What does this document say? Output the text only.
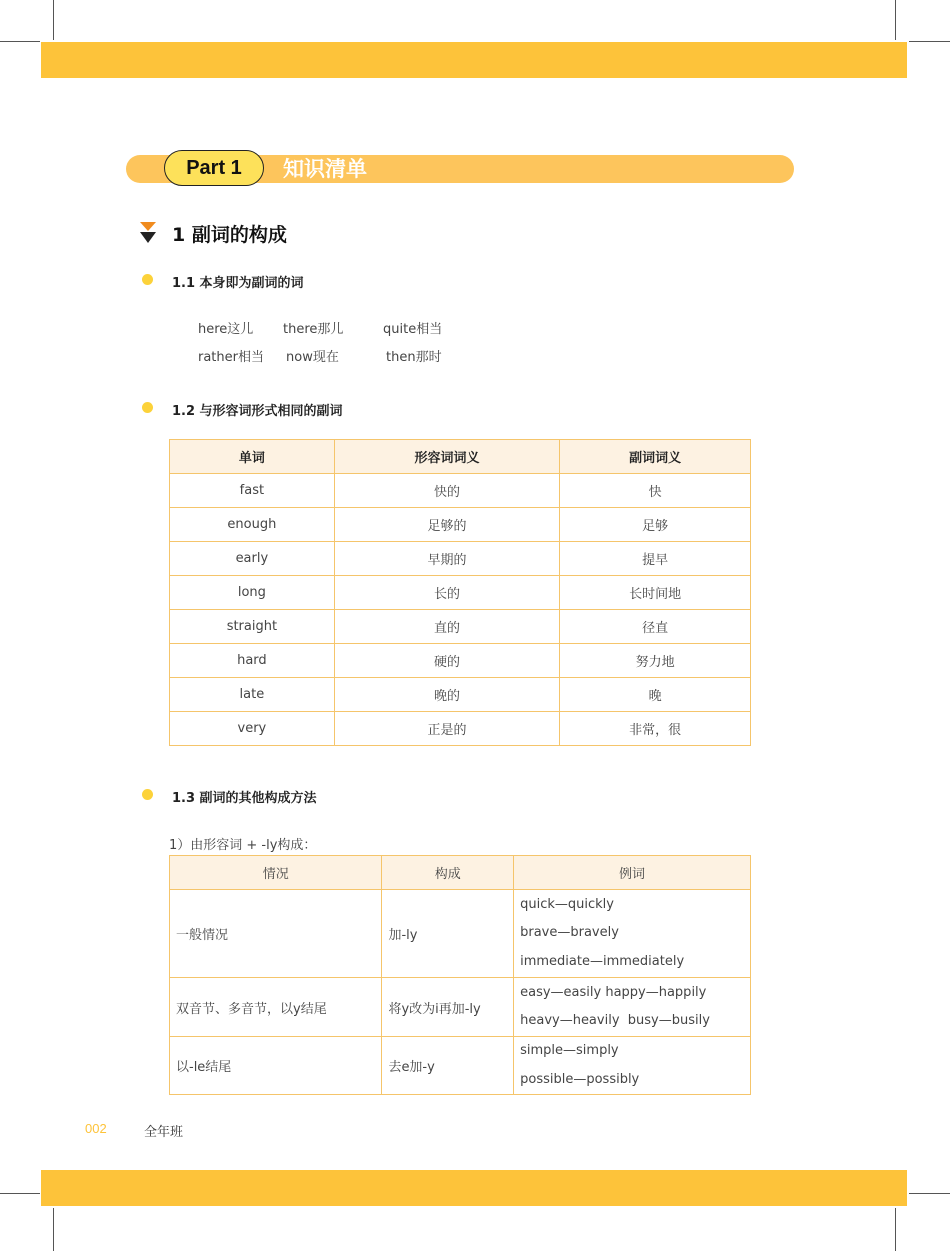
Part 1	知识清单
1 副词的构成
1.1 本身即为副词的词
here这儿 there那儿	quite相当
rather相当 now现在	then那时
1.2 与形容词形式相同的副词
单词	形容词词义	副词词义
fast	快的	快
enough	足够的	足够
early	早期的	提早
long	长的	长时间地
straight	直的	径直
hard	硬的	努力地
late	晚的	晚
very	正是的	非常，很
1.3 副词的其他构成方法
1）由形容词 + -ly构成：
情况	构成	例词
一般情况	加-ly	quick—quickly
brave—bravely
immediate—immediately

双音节、多音节，以y结尾	将y改为i再加-ly	easy—easily happy—happily
heavy—heavily  busy—busily

以-le结尾	去e加-y	simple—simply
possible—possibly
002	全年班
